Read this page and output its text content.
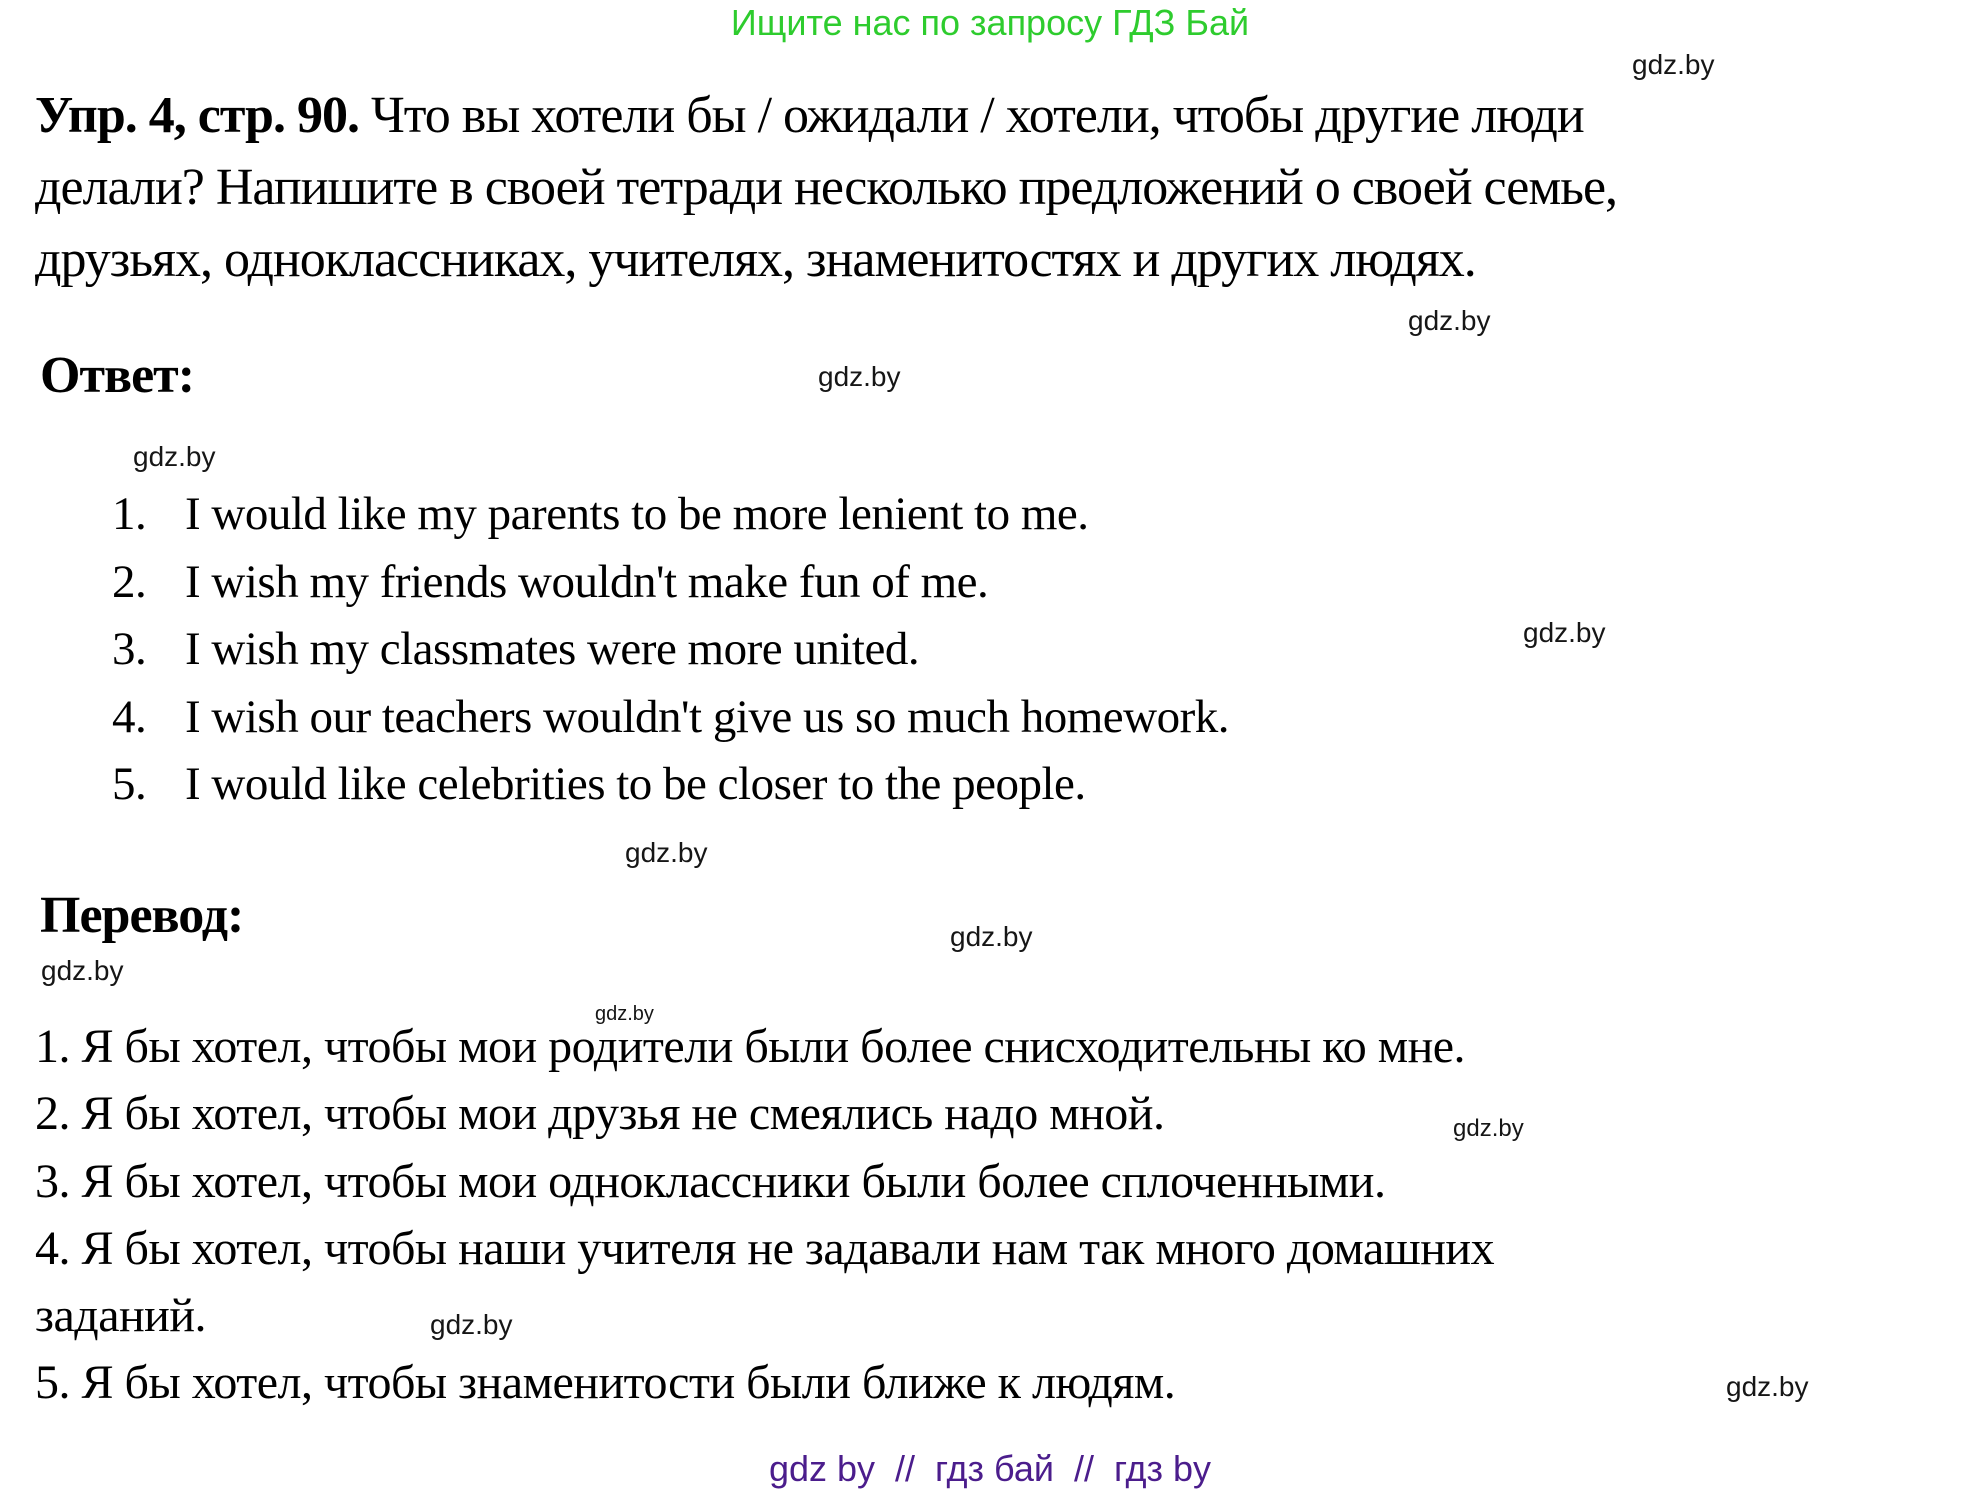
Ищите нас по запросу ГДЗ Бай
gdz.by
gdz.by
gdz.by
gdz.by
gdz.by
gdz.by
gdz.by
gdz.by
gdz.by
gdz.by
gdz.by
gdz.by
Упр. 4, стр. 90. Что вы хотели бы / ожидали / хотели, чтобы другие люди
делали? Напишите в своей тетради несколько предложений о своей семье,
друзьях, одноклассниках, учителях, знаменитостях и других людях.
Ответ:
1. I would like my parents to be more lenient to me.
2. I wish my friends wouldn't make fun of me.
3. I wish my classmates were more united.
4. I wish our teachers wouldn't give us so much homework.
5. I would like celebrities to be closer to the people.
Перевод:
1. Я бы хотел, чтобы мои родители были более снисходительны ко мне.
2. Я бы хотел, чтобы мои друзья не смеялись надо мной.
3. Я бы хотел, чтобы мои одноклассники были более сплоченными.
4. Я бы хотел, чтобы наши учителя не задавали нам так много домашних
заданий.
5. Я бы хотел, чтобы знаменитости были ближе к людям.
gdz by  //  гдз бай  //  гдз by
